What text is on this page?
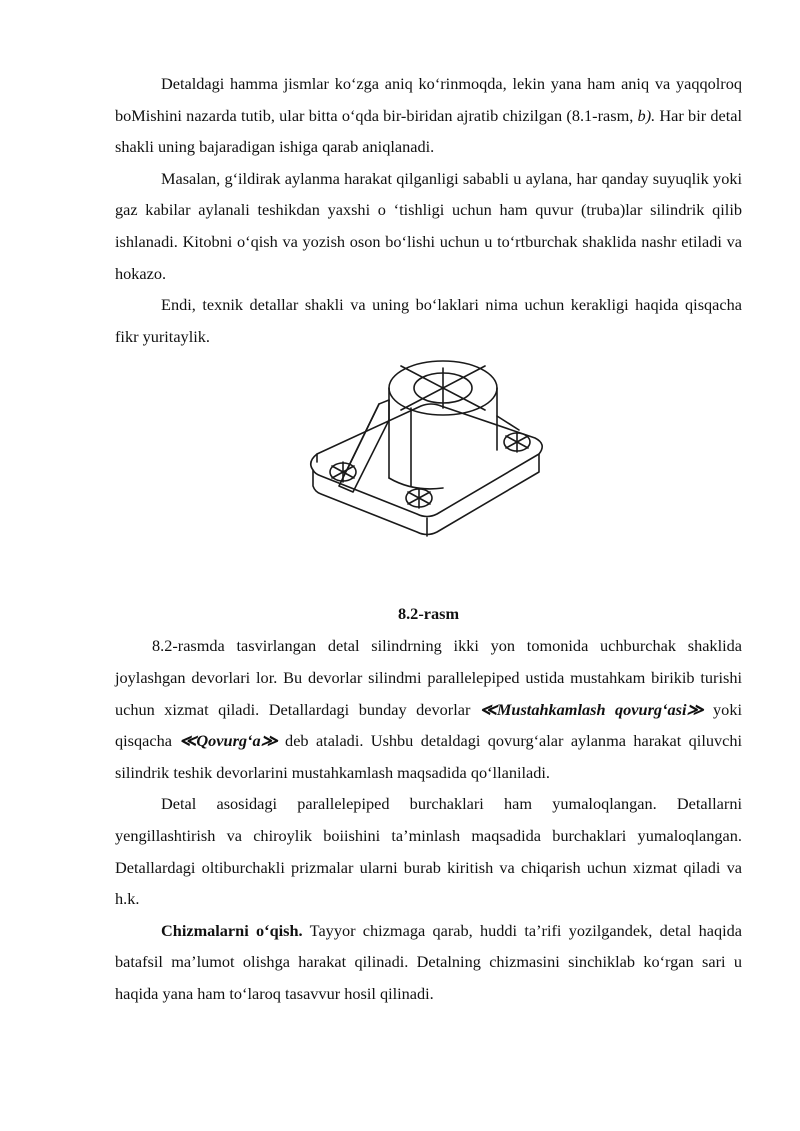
Detaldagi hamma jismlar ko‘zga aniq ko‘rinmoqda, lekin yana ham aniq va yaqqolroq boMishini nazarda tutib, ular bitta o‘qda bir-biridan ajratib chizilgan (8.1-rasm, b). Har bir detal shakli uning bajaradigan ishiga qarab aniqlanadi.

Masalan, g‘ildirak aylanma harakat qilganligi sababli u aylana, har qanday suyuqlik yoki gaz kabilar aylanali teshikdan yaxshi o ‘tishligi uchun ham quvur (truba)lar silindrik qilib ishlanadi. Kitobni o‘qish va yozish oson bo‘lishi uchun u to‘rtburchak shaklida nashr etiladi va hokazo.

Endi, texnik detallar shakli va uning bo‘laklari nima uchun kerakligi haqida qisqacha fikr yuritaylik.

8.2-rasm

8.2-rasmda tasvirlangan detal silindrning ikki yon tomonida uchburchak shaklida joylashgan devorlari lor. Bu devorlar silindmi parallelepiped ustida mustahkam birikib turishi uchun xizmat qiladi. Detallardagi bunday devorlar ≪Mustahkamlash qovurg‘asi≫ yoki qisqacha ≪Qovurg‘a≫ deb ataladi. Ushbu detaldagi qovurg‘alar aylanma harakat qiluvchi silindrik teshik devorlarini mustahkamlash maqsadida qo‘llaniladi.

Detal asosidagi parallelepiped burchaklari ham yumaloqlangan. Detallarni yengillashtirish va chiroylik boiishini ta’minlash maqsadida burchaklari yumaloqlangan. Detallardagi oltiburchakli prizmalar ularni burab kiritish va chiqarish uchun xizmat qiladi va h.k.

Chizmalarni o‘qish. Tayyor chizmaga qarab, huddi ta’rifi yozilgandek, detal haqida batafsil ma’lumot olishga harakat qilinadi. Detalning chizmasini sinchiklab ko‘rgan sari u haqida yana ham to‘laroq tasavvur hosil qilinadi.
